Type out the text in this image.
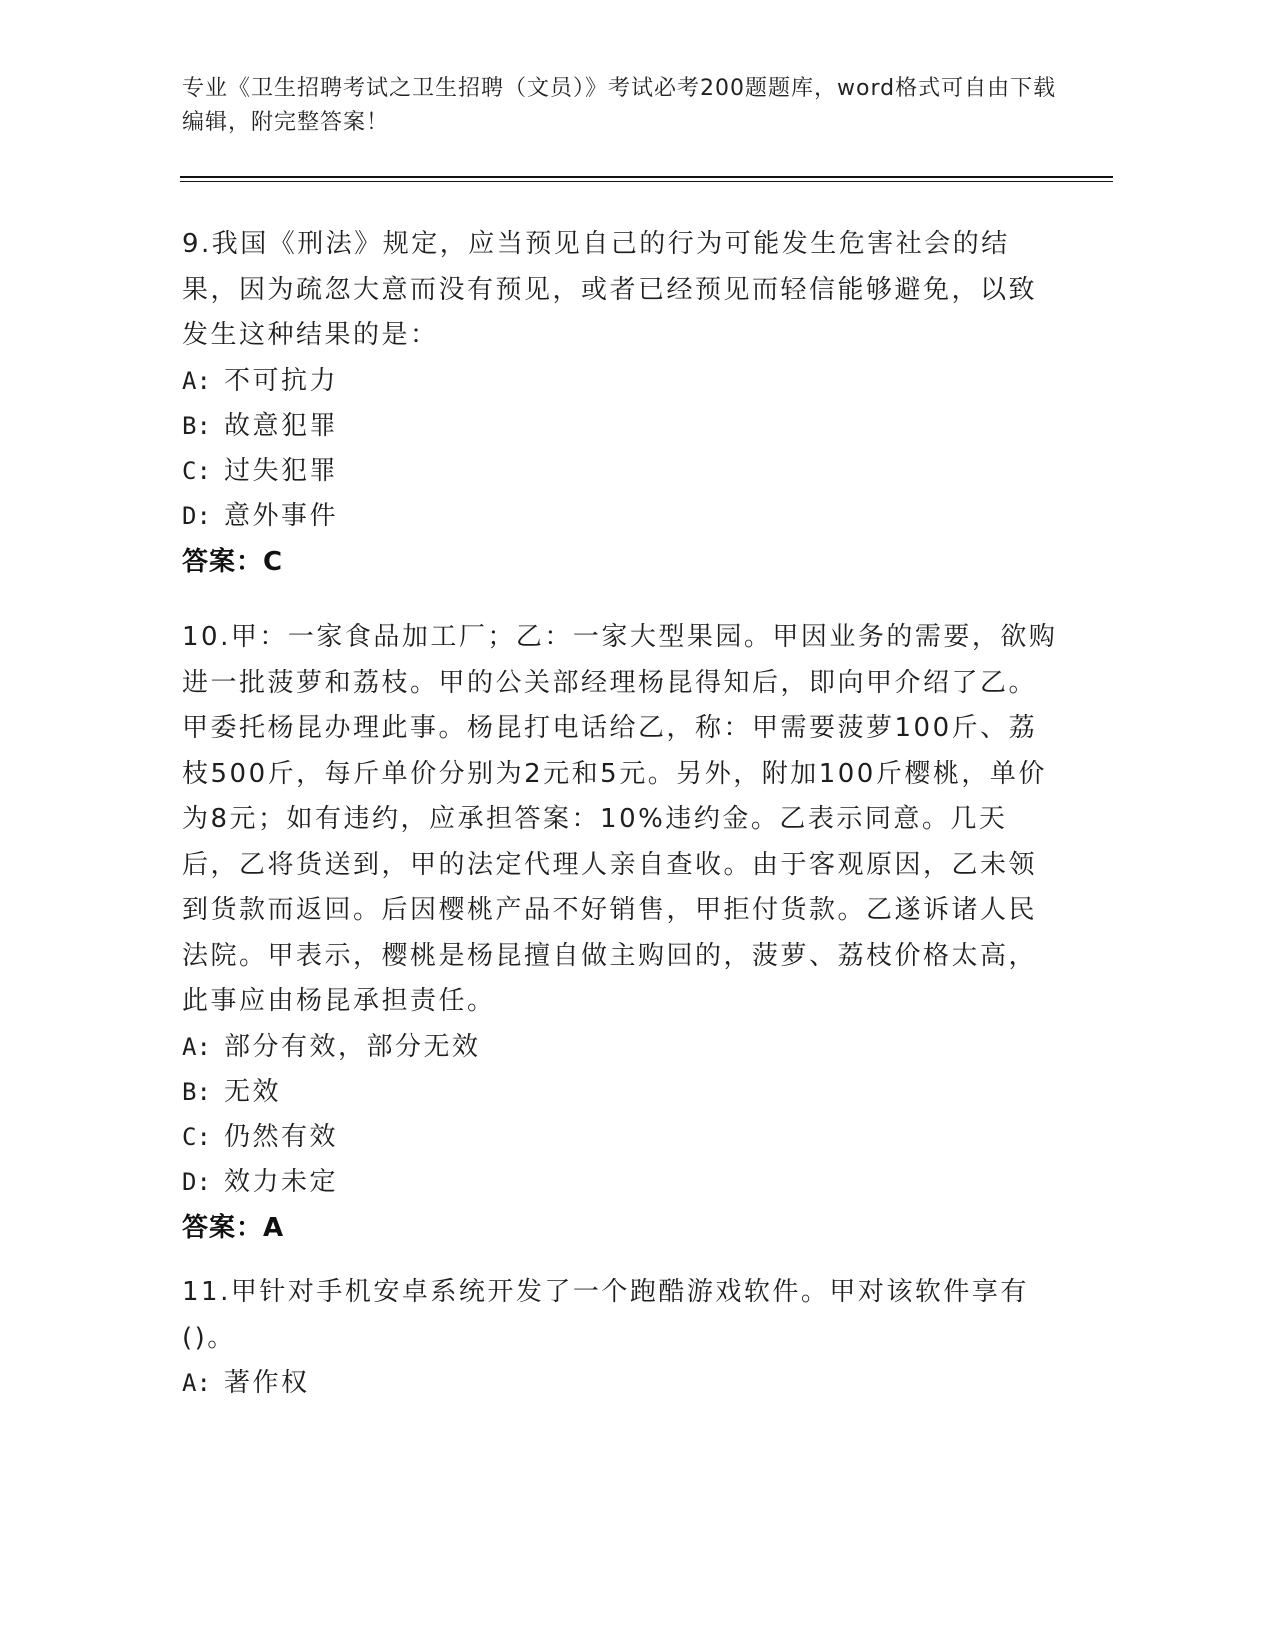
专业《卫生招聘考试之卫生招聘（文员）》考试必考200题题库，word格式可自由下载编辑，附完整答案！

9.我国《刑法》规定，应当预见自己的行为可能发生危害社会的结果，因为疏忽大意而没有预见，或者已经预见而轻信能够避免，以致发生这种结果的是：

A: 不可抗力

B: 故意犯罪

C: 过失犯罪

D: 意外事件

答案：C

10.甲：一家食品加工厂；乙：一家大型果园。甲因业务的需要，欲购进一批菠萝和荔枝。甲的公关部经理杨昆得知后，即向甲介绍了乙。甲委托杨昆办理此事。杨昆打电话给乙，称：甲需要菠萝100斤、荔枝500斤，每斤单价分别为2元和5元。另外，附加100斤樱桃，单价为8元；如有违约，应承担答案：10%违约金。乙表示同意。几天后，乙将货送到，甲的法定代理人亲自查收。由于客观原因，乙未领到货款而返回。后因樱桃产品不好销售，甲拒付货款。乙遂诉诸人民法院。甲表示，樱桃是杨昆擅自做主购回的，菠萝、荔枝价格太高，此事应由杨昆承担责任。

A: 部分有效，部分无效

B: 无效

C: 仍然有效

D: 效力未定

答案：A

11.甲针对手机安卓系统开发了一个跑酷游戏软件。甲对该软件享有()。

A: 著作权
